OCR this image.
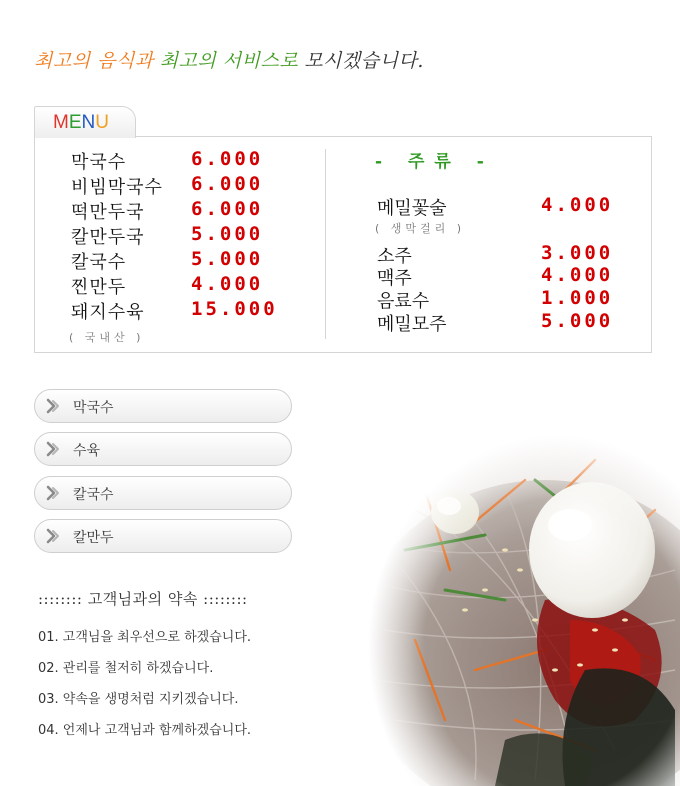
최고의 음식과 최고의 서비스로 모시겠습니다.
MENU
막국수	6.000
비빔막국수	6.000
떡만두국	6.000
칼만두국	5.000
칼국수	5.000
찐만두	4.000
돼지수육	15.000
( 국내산 )
- 주류 -
메밀꽃술	4.000
( 생막걸리 )
소주	3.000
맥주	4.000
음료수	1.000
메밀모주	5.000
막국수
수육
칼국수
칼만두
:::::::: 고객님과의 약속 ::::::::
01. 고객님을 최우선으로 하겠습니다.
02. 관리를 철저히 하겠습니다.
03. 약속을 생명처럼 지키겠습니다.
04. 언제나 고객님과 함께하겠습니다.
